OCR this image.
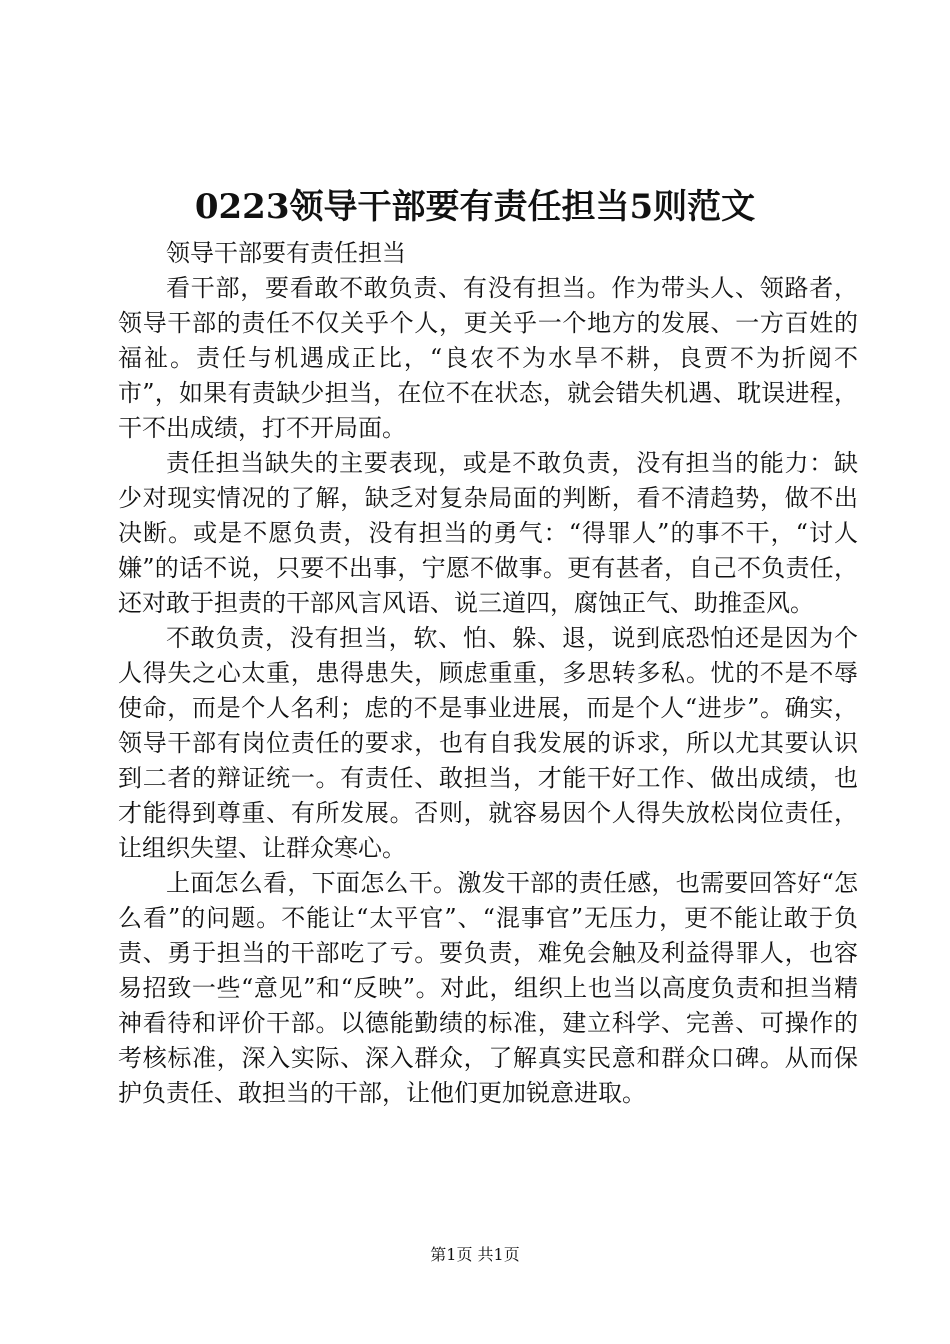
0223领导干部要有责任担当5则范文

领导干部要有责任担当

看干部，要看敢不敢负责、有没有担当。作为带头人、领路者，领导干部的责任不仅关乎个人，更关乎一个地方的发展、一方百姓的福祉。责任与机遇成正比，“良农不为水旱不耕，良贾不为折阅不市”，如果有责缺少担当，在位不在状态，就会错失机遇、耽误进程，干不出成绩，打不开局面。

责任担当缺失的主要表现，或是不敢负责，没有担当的能力：缺少对现实情况的了解，缺乏对复杂局面的判断，看不清趋势，做不出决断。或是不愿负责，没有担当的勇气：“得罪人”的事不干，“讨人嫌”的话不说，只要不出事，宁愿不做事。更有甚者，自己不负责任，还对敢于担责的干部风言风语、说三道四，腐蚀正气、助推歪风。

不敢负责，没有担当，软、怕、躲、退，说到底恐怕还是因为个人得失之心太重，患得患失，顾虑重重，多思转多私。忧的不是不辱使命，而是个人名利；虑的不是事业进展，而是个人“进步”。确实，领导干部有岗位责任的要求，也有自我发展的诉求，所以尤其要认识到二者的辩证统一。有责任、敢担当，才能干好工作、做出成绩，也才能得到尊重、有所发展。否则，就容易因个人得失放松岗位责任，让组织失望、让群众寒心。

上面怎么看，下面怎么干。激发干部的责任感，也需要回答好“怎么看”的问题。不能让“太平官”、“混事官”无压力，更不能让敢于负责、勇于担当的干部吃了亏。要负责，难免会触及利益得罪人，也容易招致一些“意见”和“反映”。对此，组织上也当以高度负责和担当精神看待和评价干部。以德能勤绩的标准，建立科学、完善、可操作的考核标准，深入实际、深入群众，了解真实民意和群众口碑。从而保护负责任、敢担当的干部，让他们更加锐意进取。

第1页 共1页
